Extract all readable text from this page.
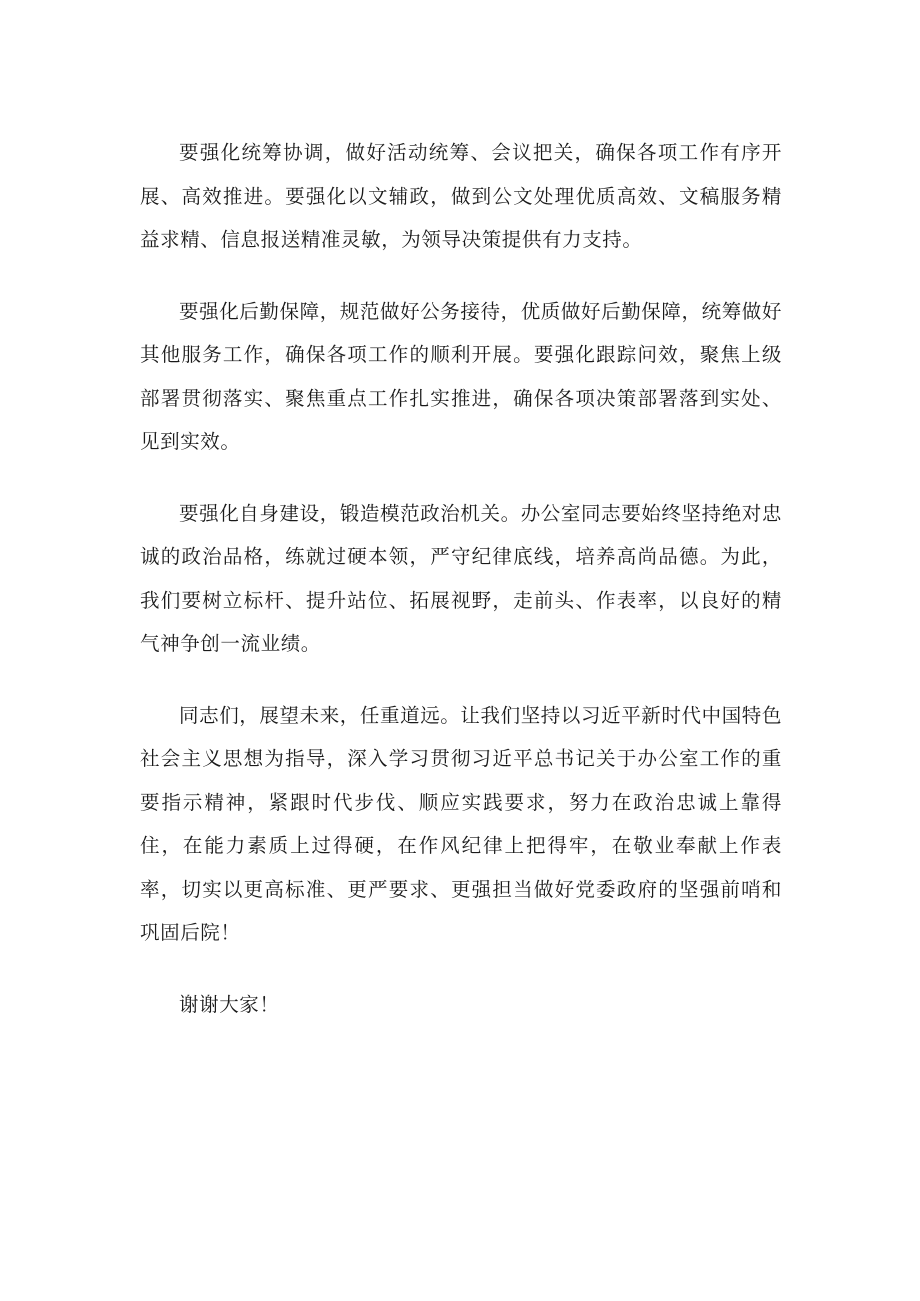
要强化统筹协调，做好活动统筹、会议把关，确保各项工作有序开展、高效推进。要强化以文辅政，做到公文处理优质高效、文稿服务精益求精、信息报送精准灵敏，为领导决策提供有力支持。

要强化后勤保障，规范做好公务接待，优质做好后勤保障，统筹做好其他服务工作，确保各项工作的顺利开展。要强化跟踪问效，聚焦上级部署贯彻落实、聚焦重点工作扎实推进，确保各项决策部署落到实处、见到实效。

要强化自身建设，锻造模范政治机关。办公室同志要始终坚持绝对忠诚的政治品格，练就过硬本领，严守纪律底线，培养高尚品德。为此，我们要树立标杆、提升站位、拓展视野，走前头、作表率，以良好的精气神争创一流业绩。

同志们，展望未来，任重道远。让我们坚持以习近平新时代中国特色社会主义思想为指导，深入学习贯彻习近平总书记关于办公室工作的重要指示精神，紧跟时代步伐、顺应实践要求，努力在政治忠诚上靠得住，在能力素质上过得硬，在作风纪律上把得牢，在敬业奉献上作表率，切实以更高标准、更严要求、更强担当做好党委政府的坚强前哨和巩固后院！

谢谢大家！
